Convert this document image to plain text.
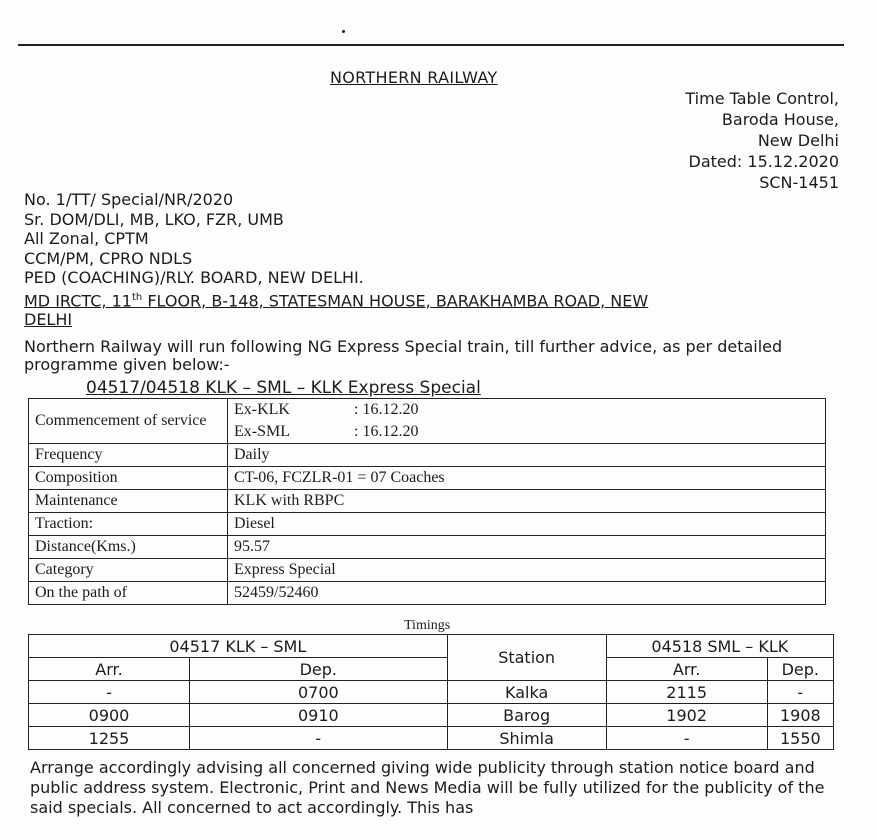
NORTHERN RAILWAY
Time Table Control,
Baroda House,
New Delhi
Dated: 15.12.2020
SCN-1451
No. 1/TT/ Special/NR/2020
Sr. DOM/DLI, MB, LKO, FZR, UMB
All Zonal, CPTM
CCM/PM, CPRO NDLS
PED (COACHING)/RLY. BOARD, NEW DELHI.
MD IRCTC, 11th FLOOR, B-148, STATESMAN HOUSE, BARAKHAMBA ROAD, NEW
DELHI
Northern Railway will run following NG Express Special train, till further advice, as per detailed programme given below:-
04517/04518 KLK – SML – KLK Express Special
Commencement of service	Ex-KLK : 16.12.20
Ex-SML : 16.12.20

Frequency	Daily
Composition	CT-06, FCZLR-01 = 07 Coaches
Maintenance	KLK with RBPC
Traction:	Diesel
Distance(Kms.)	95.57
Category	Express Special
On the path of	52459/52460
Timings
04517 KLK – SML		Station	04518 SML – KLK	
Arr.	Dep.		Arr.	Dep.
-	0700	Kalka	2115	-
0900	0910	Barog	1902	1908
1255	-	Shimla	-	1550
Arrange accordingly advising all concerned giving wide publicity through station notice board and public address system. Electronic, Print and News Media will be fully utilized for the publicity of the said specials. All concerned to act accordingly. This has
